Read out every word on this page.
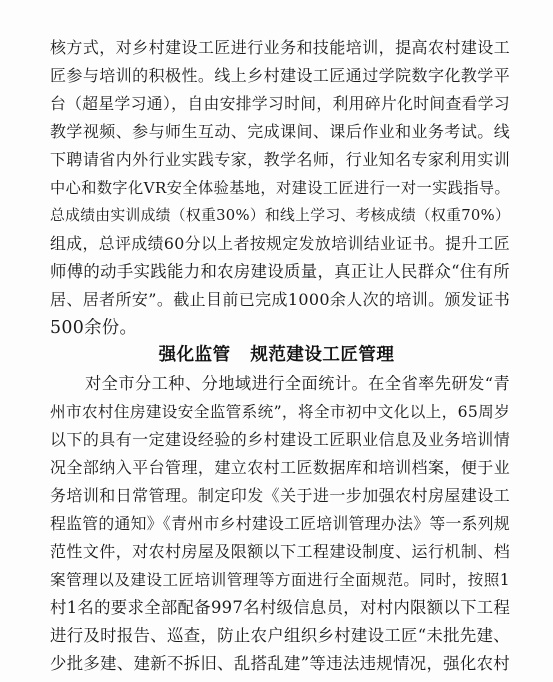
核方式，对乡村建设工匠进行业务和技能培训，提高农村建设工
匠参与培训的积极性。线上乡村建设工匠通过学院数字化教学平
台（超星学习通），自由安排学习时间，利用碎片化时间查看学习
教学视频、参与师生互动、完成课间、课后作业和业务考试。线
下聘请省内外行业实践专家，教学名师，行业知名专家利用实训
中心和数字化VR安全体验基地，对建设工匠进行一对一实践指导。
总成绩由实训成绩（权重30%）和线上学习、考核成绩（权重70%）
组成，总评成绩60分以上者按规定发放培训结业证书。提升工匠
师傅的动手实践能力和农房建设质量，真正让人民群众“住有所
居、居者所安”。截止目前已完成1000余人次的培训。颁发证书
500余份。
强化监管   规范建设工匠管理
对全市分工种、分地域进行全面统计。在全省率先研发“青
州市农村住房建设安全监管系统”，将全市初中文化以上，65周岁
以下的具有一定建设经验的乡村建设工匠职业信息及业务培训情
况全部纳入平台管理，建立农村工匠数据库和培训档案，便于业
务培训和日常管理。制定印发《关于进一步加强农村房屋建设工
程监管的通知》《青州市乡村建设工匠培训管理办法》等一系列规
范性文件，对农村房屋及限额以下工程建设制度、运行机制、档
案管理以及建设工匠培训管理等方面进行全面规范。同时，按照1
村1名的要求全部配备997名村级信息员，对村内限额以下工程
进行及时报告、巡查，防止农户组织乡村建设工匠“未批先建、
少批多建、建新不拆旧、乱搭乱建”等违法违规情况，强化农村
